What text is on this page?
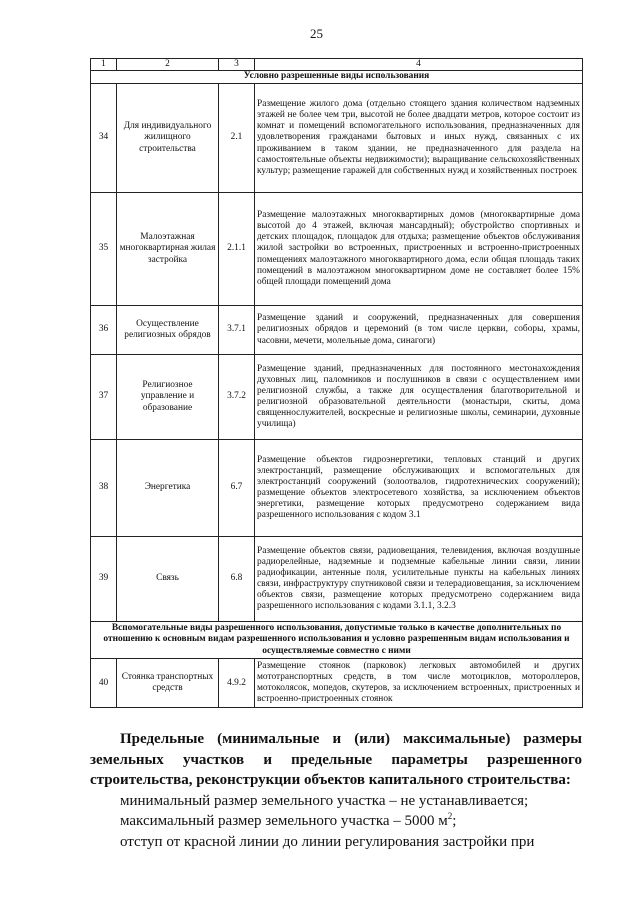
25
1	2	3	4
Условно разрешенные виды использования			
34	Для индивидуального жилищного строительства	2.1	Размещение жилого дома (отдельно стоящего здания количеством надземных этажей не более чем три, высотой не более двадцати метров, которое состоит из комнат и помещений вспомогательного использования, предназначенных для удовлетворения гражданами бытовых и иных нужд, связанных с их проживанием в таком здании, не предназначенного для раздела на самостоятельные объекты недвижимости); выращивание сельскохозяйственных культур; размещение гаражей для собственных нужд и хозяйственных построек
35	Малоэтажная многоквартирная жилая застройка	2.1.1	Размещение малоэтажных многоквартирных домов (многоквартирные дома высотой до 4 этажей, включая мансардный); обустройство спортивных и детских площадок, площадок для отдыха; размещение объектов обслуживания жилой застройки во встроенных, пристроенных и встроенно-пристроенных помещениях малоэтажного многоквартирного дома, если общая площадь таких помещений в малоэтажном многоквартирном доме не составляет более 15% общей площади помещений дома
36	Осуществление религиозных обрядов	3.7.1	Размещение зданий и сооружений, предназначенных для совершения религиозных обрядов и церемоний (в том числе церкви, соборы, храмы, часовни, мечети, молельные дома, синагоги)
37	Религиозное управление и образование	3.7.2	Размещение зданий, предназначенных для постоянного местонахождения духовных лиц, паломников и послушников в связи с осуществлением ими религиозной службы, а также для осуществления благотворительной и религиозной образовательной деятельности (монастыри, скиты, дома священнослужителей, воскресные и религиозные школы, семинарии, духовные училища)
38	Энергетика	6.7	Размещение объектов гидроэнергетики, тепловых станций и других электростанций, размещение обслуживающих и вспомогательных для электростанций сооружений (золоотвалов, гидротехнических сооружений); размещение объектов электросетевого хозяйства, за исключением объектов энергетики, размещение которых предусмотрено содержанием вида разрешенного использования с кодом 3.1
39	Связь	6.8	Размещение объектов связи, радиовещания, телевидения, включая воздушные радиорелейные, надземные и подземные кабельные линии связи, линии радиофикации, антенные поля, усилительные пункты на кабельных линиях связи, инфраструктуру спутниковой связи и телерадиовещания, за исключением объектов связи, размещение которых предусмотрено содержанием вида разрешенного использования с кодами 3.1.1, 3.2.3
Вспомогательные виды разрешенного использования, допустимые только в качестве дополнительных по отношению к основным видам разрешенного использования и условно разрешенным видам использования и осуществляемые совместно с ними			
40	Стоянка транспортных средств	4.9.2	Размещение стоянок (парковок) легковых автомобилей и других мототранспортных средств, в том числе мотоциклов, мотороллеров, мотоколясок, мопедов, скутеров, за исключением встроенных, пристроенных и встроенно-пристроенных стоянок
Предельные (минимальные и (или) максимальные) размеры земельных участков и предельные параметры разрешенного строительства, реконструкции объектов капитального строительства:
минимальный размер земельного участка – не устанавливается;
максимальный размер земельного участка – 5000 $м^2$;
отступ от красной линии до линии регулирования застройки при
